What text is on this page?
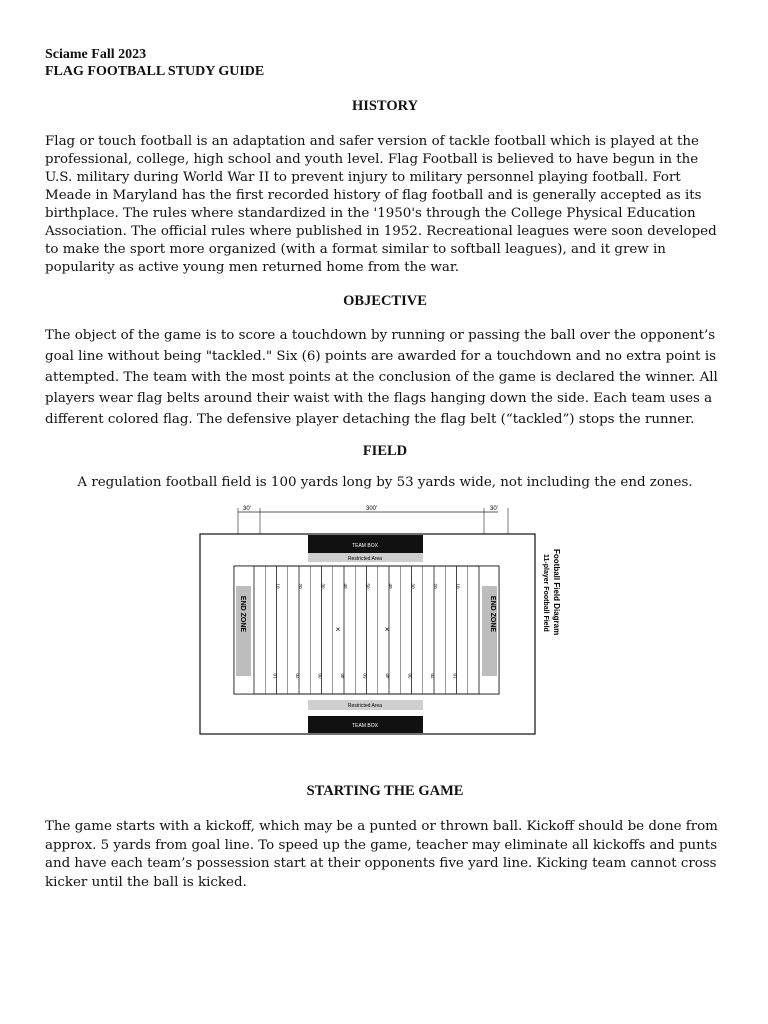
Sciame Fall 2023
FLAG FOOTBALL STUDY GUIDE
HISTORY

Flag or touch football is an adaptation and safer version of tackle football which is played at the professional, college, high school and youth level. Flag Football is believed to have begun in the U.S. military during World War II to prevent injury to military personnel playing football. Fort Meade in Maryland has the first recorded history of flag football and is generally accepted as its birthplace. The rules where standardized in the '1950's through the College Physical Education Association. The official rules where published in 1952. Recreational leagues were soon developed to make the sport more organized (with a format similar to softball leagues), and it grew in popularity as active young men returned home from the war.

OBJECTIVE

The object of the game is to score a touchdown by running or passing the ball over the opponent’s goal line without being "tackled." Six (6) points are awarded for a touchdown and no extra point is attempted. The team with the most points at the conclusion of the game is declared the winner. All players wear flag belts around their waist with the flags hanging down the side. Each team uses a different colored flag. The defensive player detaching the flag belt (“tackled”) stops the runner.

FIELD

A regulation football field is 100 yards long by 53 yards wide, not including the end zones.

30'	300'	30'
TEAM BOX
TEAM BOX
Restricted Area
Restricted Area
END ZONE	END ZONE
10
10
20
20
30
30
40
40
50
50
40
40
30
30
20
20
10
10
×	×	Football Field Diagram
11-player Football Field
STARTING THE GAME

The game starts with a kickoff, which may be a punted or thrown ball. Kickoff should be done from approx. 5 yards from goal line. To speed up the game, teacher may eliminate all kickoffs and punts and have each team’s possession start at their opponents five yard line. Kicking team cannot cross kicker until the ball is kicked.
